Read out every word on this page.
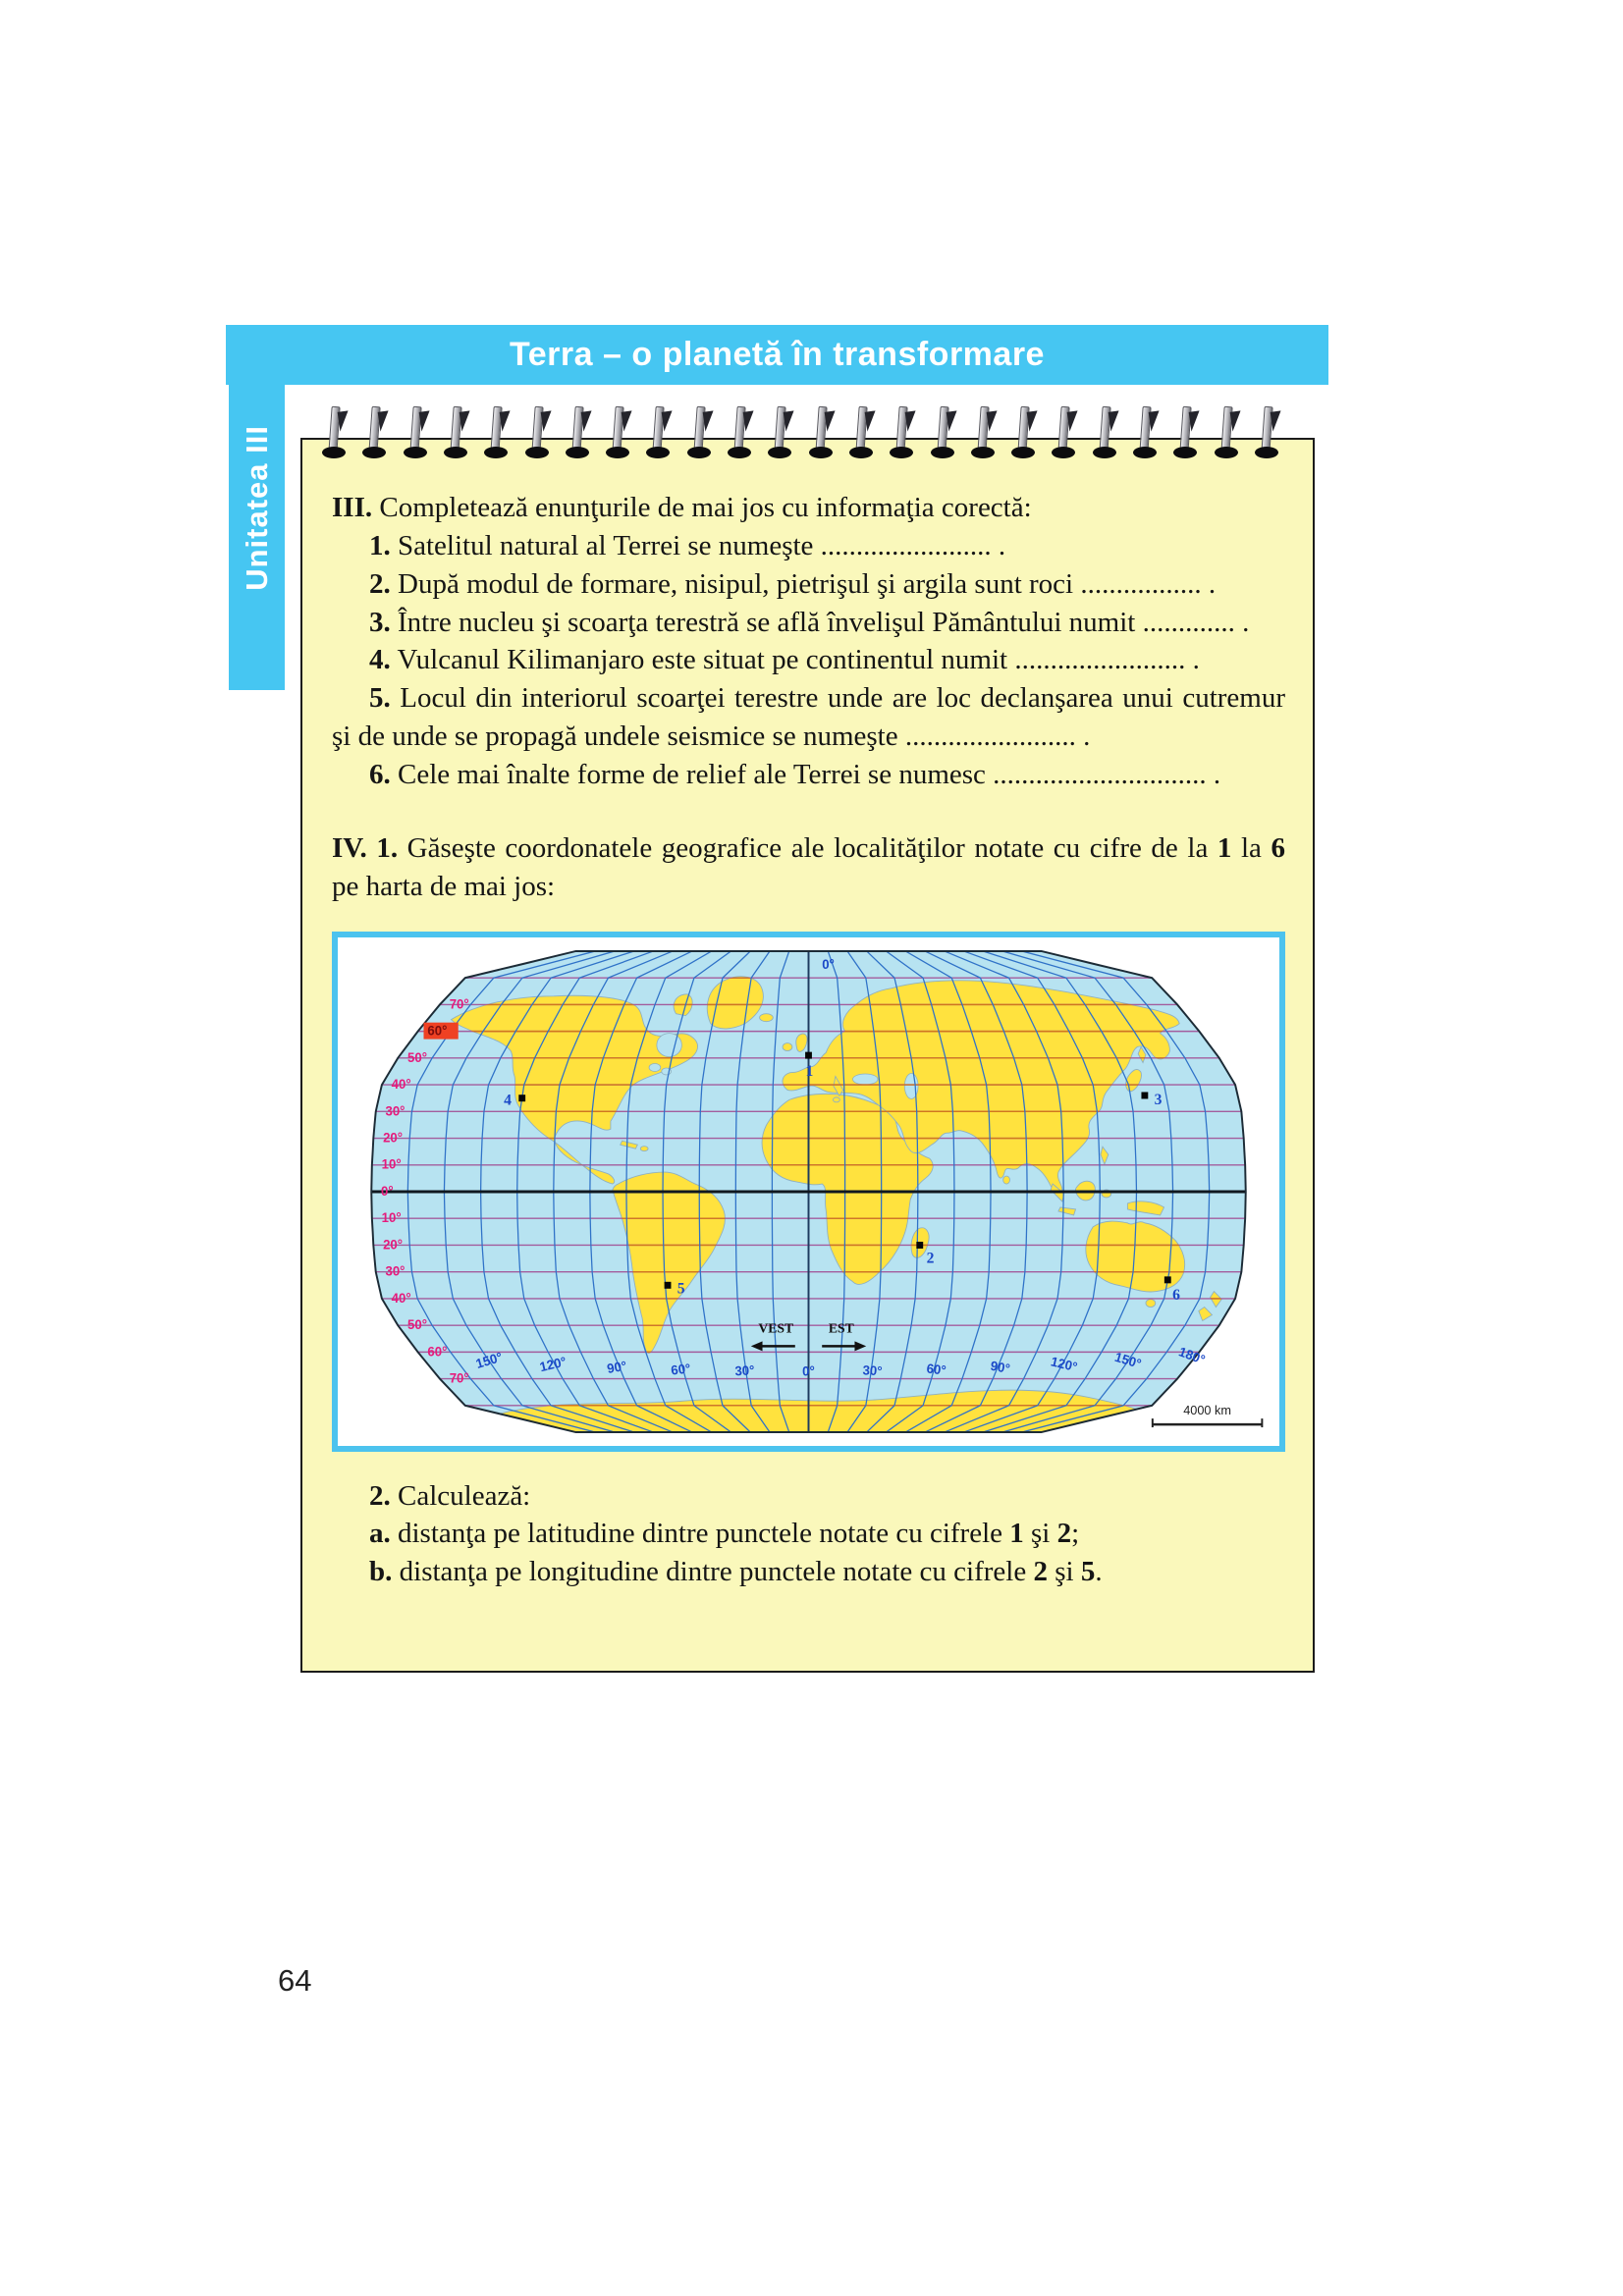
Terra – o planetă în transformare
Unitatea III III. Completează enunţurile de mai jos cu informaţia corectă:

1. Satelitul natural al Terrei se numeşte ........................ .

2. După modul de formare, nisipul, pietrişul şi argila sunt roci ................. .

3. Între nucleu şi scoarţa terestră se află învelişul Pământului numit ............. .

4. Vulcanul Kilimanjaro este situat pe continentul numit ........................ .

5. Locul din interiorul scoarţei terestre unde are loc declanşarea unui cutremur şi de unde se propagă undele seismice se numeşte ........................ .

6. Cele mai înalte forme de relief ale Terrei se numesc .............................. .

IV. 1. Găseşte coordonatele geografice ale localităţilor notate cu cifre de la 1 la 6 pe harta de mai jos:

70°
60°
50°
40°
30°
20°
10°
0°
10°
20°
30°
40°
50°
60°
70°
150°	120°	90°	60°	30°	0°	30°	60°	90°	120°	150°	180°
0°
VEST	EST
4000 km
1
2
3
4
5	6

2. Calculează:

a. distanţa pe latitudine dintre punctele notate cu cifrele 1 şi 2;

b. distanţa pe longitudine dintre punctele notate cu cifrele 2 şi 5.

64
